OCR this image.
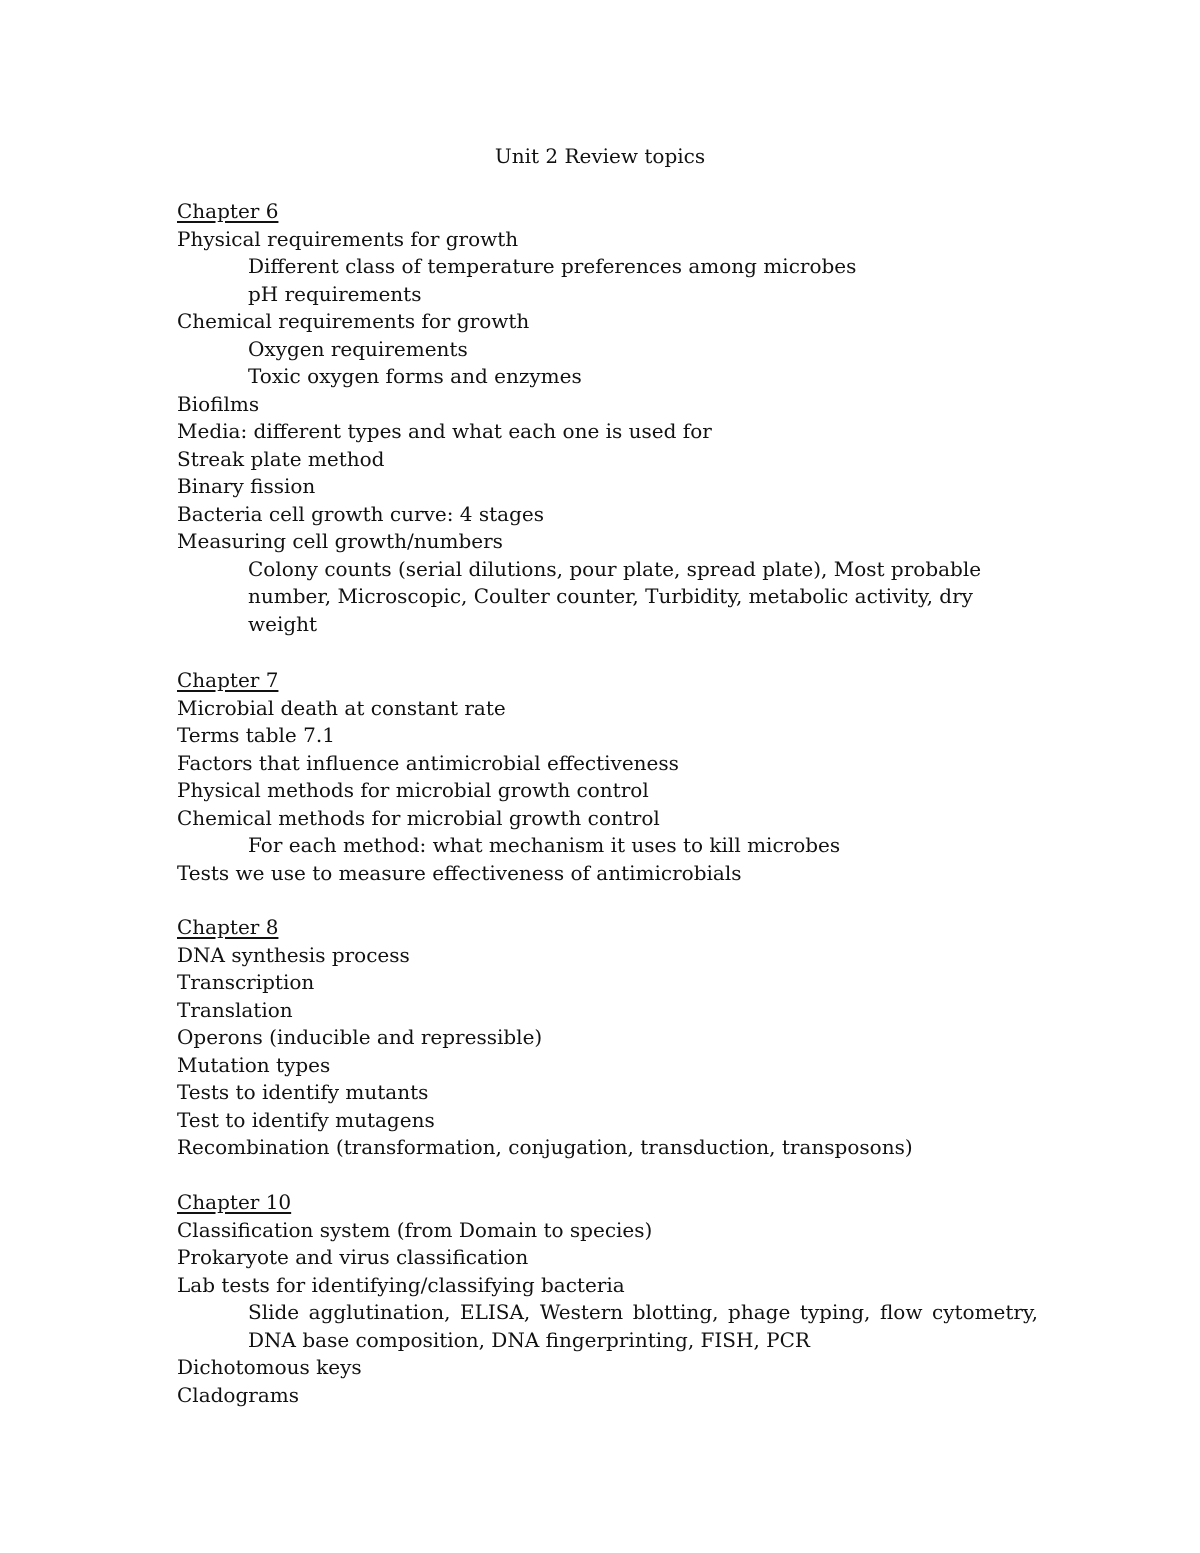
Unit 2 Review topics
Chapter 6
Physical requirements for growth
Different class of temperature preferences among microbes
pH requirements
Chemical requirements for growth
Oxygen requirements
Toxic oxygen forms and enzymes
Biofilms
Media: different types and what each one is used for
Streak plate method
Binary fission
Bacteria cell growth curve: 4 stages
Measuring cell growth/numbers
Colony counts (serial dilutions, pour plate, spread plate), Most probable number, Microscopic, Coulter counter, Turbidity, metabolic activity, dry weight
Chapter 7
Microbial death at constant rate
Terms table 7.1
Factors that influence antimicrobial effectiveness
Physical methods for microbial growth control
Chemical methods for microbial growth control
For each method: what mechanism it uses to kill microbes
Tests we use to measure effectiveness of antimicrobials
Chapter 8
DNA synthesis process
Transcription
Translation
Operons (inducible and repressible)
Mutation types
Tests to identify mutants
Test to identify mutagens
Recombination (transformation, conjugation, transduction, transposons)
Chapter 10
Classification system (from Domain to species)
Prokaryote and virus classification
Lab tests for identifying/classifying bacteria
Slide agglutination, ELISA, Western blotting, phage typing, flow cytometry, DNA base composition, DNA fingerprinting, FISH, PCR
Dichotomous keys
Cladograms
